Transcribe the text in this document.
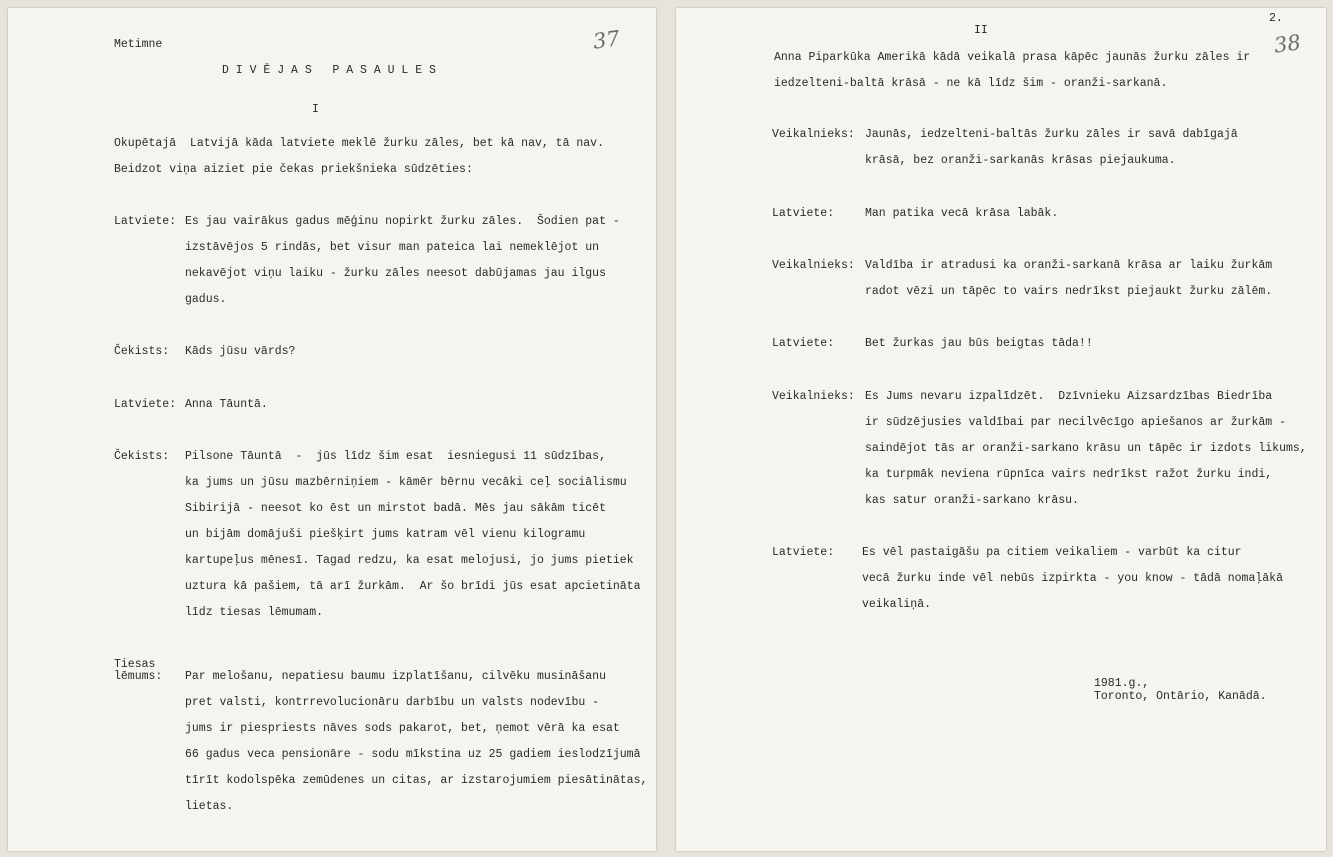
Metimne	37
D I V Ē J A S   P A S A U L E S
I
Okupētajā  Latvijā kāda latviete meklē žurku zāles, bet kā nav, tā nav.
Beidzot viņa aiziet pie čekas priekšnieka sūdzēties:
Latviete: Es jau vairākus gadus mēģinu nopirkt žurku zāles.  Šodien pat -
izstāvējos 5 rindās, bet visur man pateica lai nemeklējot un
nekavējot viņu laiku - žurku zāles neesot dabūjamas jau ilgus
gadus.
Čekists: Kāds jūsu vārds?
Latviete: Anna Tāuntā.
Čekists: Pilsone Tāuntā  -  jūs līdz šim esat  iesniegusi 11 sūdzības,
ka jums un jūsu mazbērniņiem - kāmēr bērnu vecāki ceļ sociālismu
Sibirijā - neesot ko ēst un mirstot badā. Mēs jau sākām ticēt
un bijām domājuši piešķirt jums katram vēl vienu kilogramu
kartupeļus mēnesī. Tagad redzu, ka esat melojusi, jo jums pietiek
uztura kā pašiem, tā arī žurkām.  Ar šo brīdi jūs esat apcietināta
līdz tiesas lēmumam.
Tiesas
lēmums: Par melošanu, nepatiesu baumu izplatīšanu, cilvēku musināšanu
pret valsti, kontrrevolucionāru darbību un valsts nodevību -
jums ir piespriests nāves sods pakarot, bet, ņemot vērā ka esat
66 gadus veca pensionāre - sodu mīkstina uz 25 gadiem ieslodzījumā
tīrīt kodolspēka zemūdenes un citas, ar izstarojumiem piesātinātas,
lietas.
II
2.
38
Anna Piparkūka Amerikā kādā veikalā prasa kāpēc jaunās žurku zāles ir
iedzelteni-baltā krāsā - ne kā līdz šim - oranži-sarkanā.
Veikalnieks: Jaunās, iedzelteni-baltās žurku zāles ir savā dabīgajā
krāsā, bez oranži-sarkanās krāsas piejaukuma.
Latviete:	Man patika vecā krāsa labāk.
Veikalnieks: Valdība ir atradusi ka oranži-sarkanā krāsa ar laiku žurkām
radot vēzi un tāpēc to vairs nedrīkst piejaukt žurku zālēm.
Latviete:	Bet žurkas jau būs beigtas tāda!!
Veikalnieks: Es Jums nevaru izpalīdzēt.  Dzīvnieku Aizsardzības Biedrība
ir sūdzējusies valdībai par necilvēcīgo apiešanos ar žurkām -
saindējot tās ar oranži-sarkano krāsu un tāpēc ir izdots likums,
ka turpmāk neviena rūpnīca vairs nedrīkst ražot žurku indi,
kas satur oranži-sarkano krāsu.
Latviete: Es vēl pastaigāšu pa citiem veikaliem - varbūt ka citur
vecā žurku inde vēl nebūs izpirkta - you know - tādā nomaļākā
veikaliņā.
1981.g.,
Toronto, Ontārio, Kanādā.
